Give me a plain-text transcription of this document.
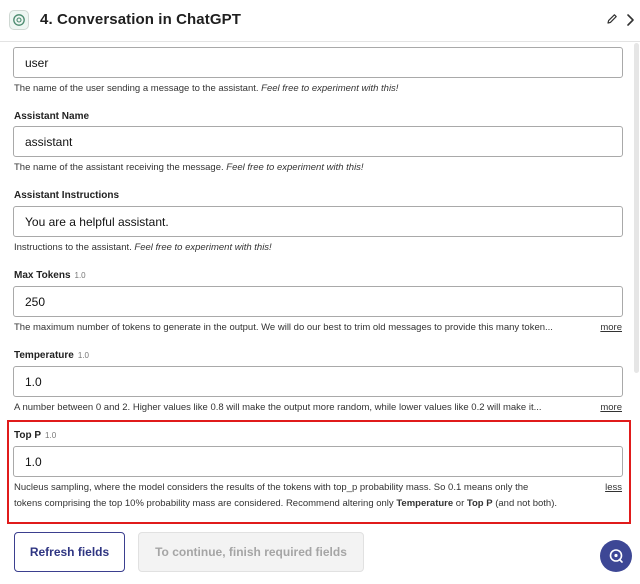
4. Conversation in ChatGPT
user
The name of the user sending a message to the assistant. Feel free to experiment with this!
Assistant Name
assistant
The name of the assistant receiving the message. Feel free to experiment with this!
Assistant Instructions
You are a helpful assistant.
Instructions to the assistant. Feel free to experiment with this!
Max Tokens 1.0
250
The maximum number of tokens to generate in the output. We will do our best to trim old messages to provide this many token...	more
Temperature 1.0
1.0
A number between 0 and 2. Higher values like 0.8 will make the output more random, while lower values like 0.2 will make it...	more
Top P 1.0
1.0
Nucleus sampling, where the model considers the results of the tokens with top_p probability mass. So 0.1 means only the	less
tokens comprising the top 10% probability mass are considered. Recommend altering only Temperature or Top P (and not both).
Refresh fields	To continue, finish required fields
